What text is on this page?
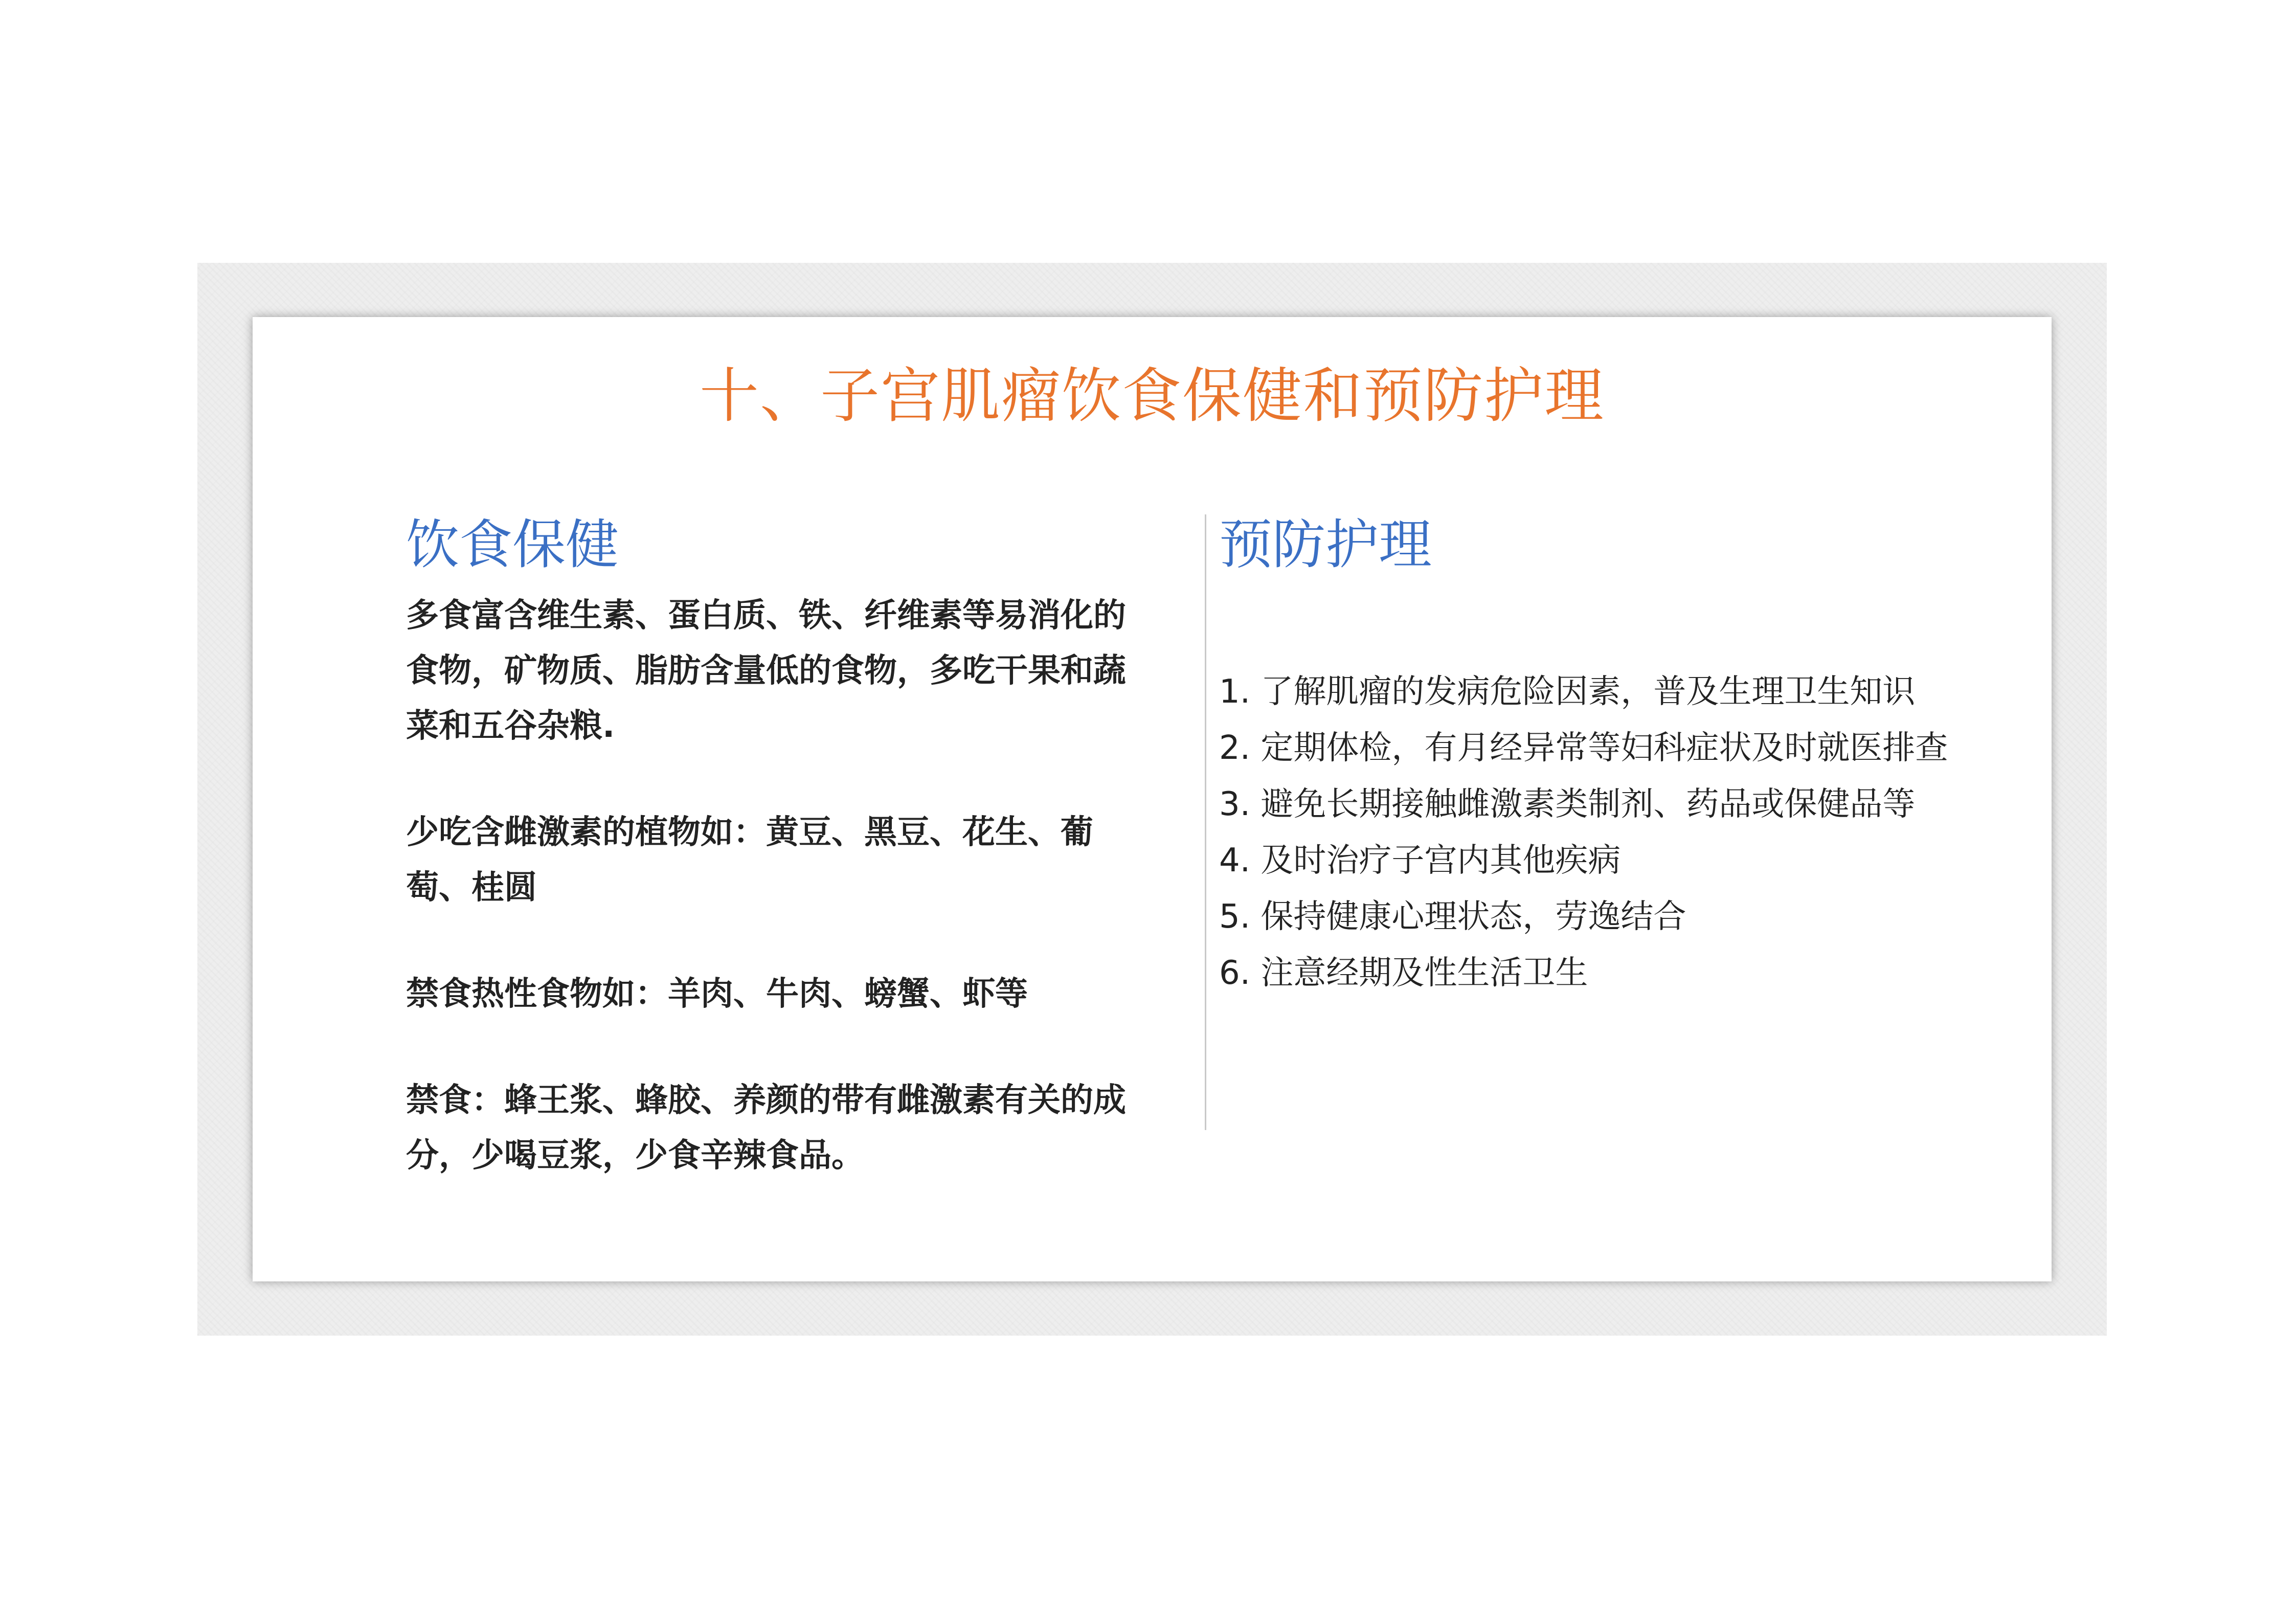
十、子宫肌瘤饮食保健和预防护理
饮食保健

多食富含维生素、蛋白质、铁、纤维素等易消化的食物，矿物质、脂肪含量低的食物，多吃干果和蔬菜和五谷杂粮.

少吃含雌激素的植物如：黄豆、黑豆、花生、葡萄、桂圆

禁食热性食物如：羊肉、牛肉、螃蟹、虾等

禁食：蜂王浆、蜂胶、养颜的带有雌激素有关的成分，少喝豆浆，少食辛辣食品。

预防护理
1. 了解肌瘤的发病危险因素，普及生理卫生知识
2. 定期体检，有月经异常等妇科症状及时就医排查
3. 避免长期接触雌激素类制剂、药品或保健品等
4. 及时治疗子宫内其他疾病
5. 保持健康心理状态，劳逸结合
6. 注意经期及性生活卫生
